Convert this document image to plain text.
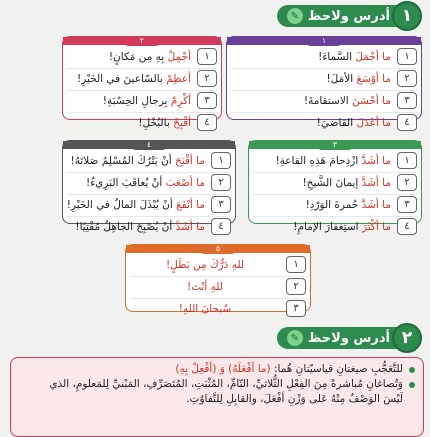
١
أدرس ولاحظ
✎
١
١
ما أجْمَلَ السَّماءَ!
٢
ما أوْسَعَ الأمَلَ!
٣
ما أحْسَنَ الاستقامةَ!
٤
ما أعْدَلَ القاضيَ!
٢
١
أجْمِلْ بِهِ مِن مَكانٍ!
٢
أعظِمْ بالسّاعينَ في الخَيْرِ!
٣
أكْرِمْ بِرجالِ الحِسْبَةِ!
٤
أقْبِحْ بالبُخْلِ!
٣
١
ما أشَدَّ ازْدِحامَ هَذِهِ القاعةِ!
٢
ما أشَدَّ إيمانَ الشَّيخِ!
٣
ما أشَدَّ حُمرةَ الوَرْدِ!
٤
ما أكْثَرَ استِغفارَ الإمامِ!
٤
١
ما أقْبَحَ أنْ يَتْرُكَ المُسْلِمُ صَلاتَهُ!
٢
ما أصْعَبَ أنْ يُعاقَبَ البَرِيءُ!
٣
ما أنْفَعَ أنْ يُبْذَلَ المالُ في الخَيْرِ!
٤
ما أشَدَّ أنْ يُصْبِحَ الجاهِلُ مُفْتِيًا!
٥
١
للهِ دَرُّكَ مِن بَطَلٍ!
٢
للهِ أنْتَ!
٣
سُبحانَ اللهِ!
٢
أدرس ولاحظ
✎
للتَّعَجُّبِ صيغتانِ قياسيّتانِ هُما: (ما أفْعَلَهُ) وَ (أفْعِلْ بِهِ)
وَتُصاغانِ مُباشرةً مِنَ الفِعْلِ الثُّلاثيِّ، التّامِّ، المُثْبَتِ، المُتَصَرِّفِ، المَبْنيِّ لِلمَعلومِ، الذي
لَيْسَ الوَصْفُ مِنْهُ عَلى وَزْنِ أفْعَلَ، والقابِلِ لِلتَّفاوُتِ.
